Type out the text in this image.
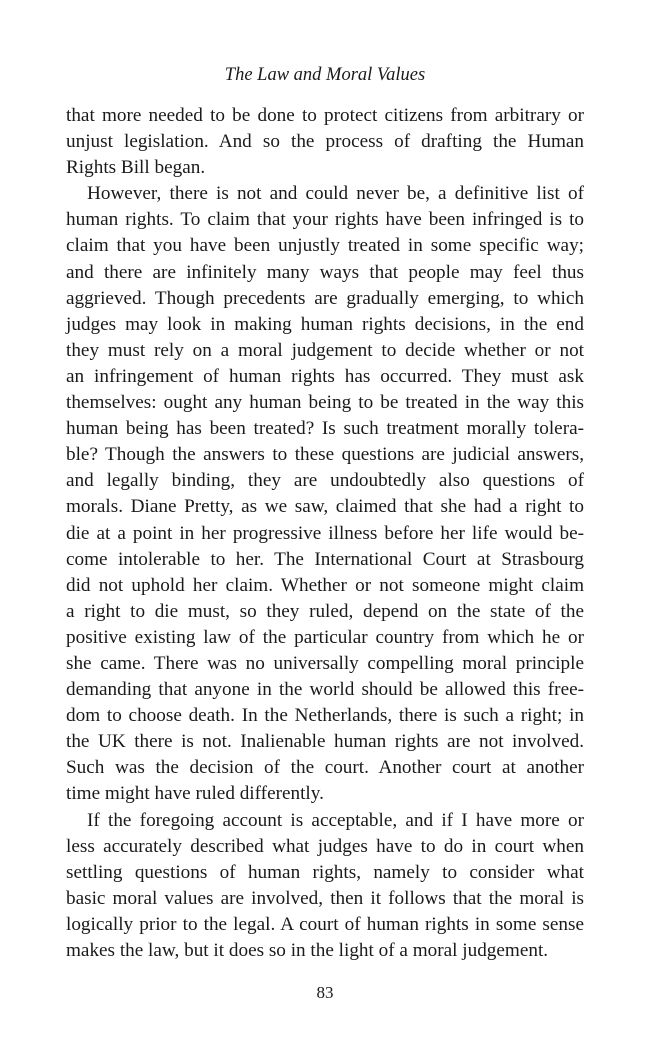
The Law and Moral Values
that more needed to be done to protect citizens from arbitrary or
unjust legislation. And so the process of drafting the Human
Rights Bill began.
However, there is not and could never be, a definitive list of
human rights. To claim that your rights have been infringed is to
claim that you have been unjustly treated in some specific way;
and there are infinitely many ways that people may feel thus
aggrieved. Though precedents are gradually emerging, to which
judges may look in making human rights decisions, in the end
they must rely on a moral judgement to decide whether or not
an infringement of human rights has occurred. They must ask
themselves: ought any human being to be treated in the way this
human being has been treated? Is such treatment morally tolera-
ble? Though the answers to these questions are judicial answers,
and legally binding, they are undoubtedly also questions of
morals. Diane Pretty, as we saw, claimed that she had a right to
die at a point in her progressive illness before her life would be-
come intolerable to her. The International Court at Strasbourg
did not uphold her claim. Whether or not someone might claim
a right to die must, so they ruled, depend on the state of the
positive existing law of the particular country from which he or
she came. There was no universally compelling moral principle
demanding that anyone in the world should be allowed this free-
dom to choose death. In the Netherlands, there is such a right; in
the UK there is not. Inalienable human rights are not involved.
Such was the decision of the court. Another court at another
time might have ruled differently.
If the foregoing account is acceptable, and if I have more or
less accurately described what judges have to do in court when
settling questions of human rights, namely to consider what
basic moral values are involved, then it follows that the moral is
logically prior to the legal. A court of human rights in some sense
makes the law, but it does so in the light of a moral judgement.
83
